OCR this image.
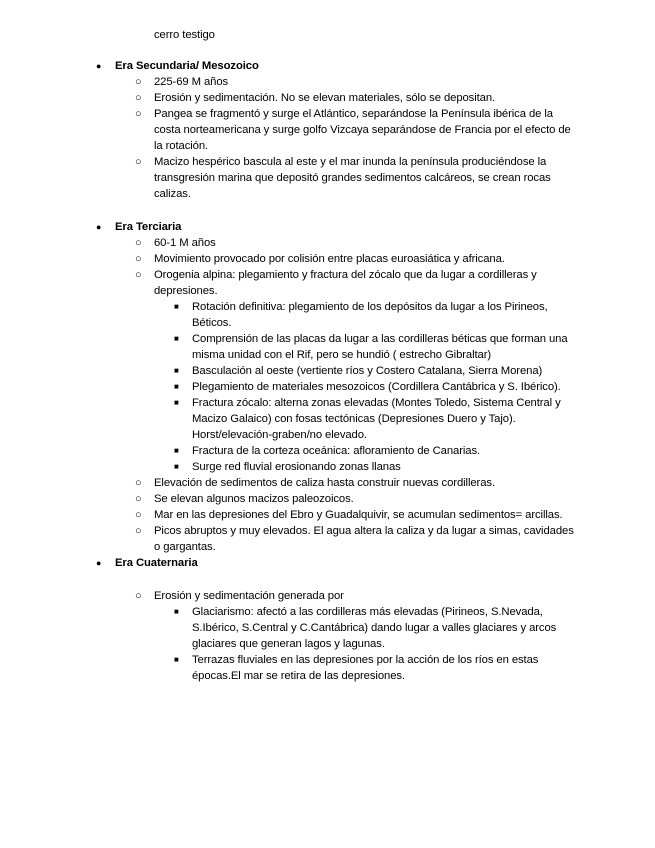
cerro testigo
● Era Secundaria/ Mesozoico
○ 225-69 M años
○ Erosión y sedimentación. No se elevan materiales, sólo se depositan.
○ Pangea se fragmentó y surge el Atlántico, separándose la Península ibérica de la
costa norteamericana y surge golfo Vizcaya separándose de Francia por el efecto de
la rotación.
○ Macizo hespérico bascula al este y el mar inunda la península produciéndose la
transgresión marina que depositó grandes sedimentos calcáreos, se crean rocas
calizas.
● Era Terciaria
○ 60-1 M años
○ Movimiento provocado por colisión entre placas euroasiática y africana.
○ Orogenia alpina: plegamiento y fractura del zócalo que da lugar a cordilleras y
depresiones.
■ Rotación definitiva: plegamiento de los depósitos da lugar a los Pirineos,
Béticos.
■ Comprensión de las placas da lugar a las cordilleras béticas que forman una
misma unidad con el Rif, pero se hundió ( estrecho Gibraltar)
■ Basculación al oeste (vertiente ríos y Costero Catalana, Sierra Morena)
■ Plegamiento de materiales mesozoicos (Cordillera Cantábrica y S. Ibérico).
■ Fractura zócalo: alterna zonas elevadas (Montes Toledo, Sistema Central y
Macizo Galaico) con fosas tectónicas (Depresiones Duero y Tajo).
Horst/elevación-graben/no elevado.
■ Fractura de la corteza oceánica: afloramiento de Canarias.
■ Surge red fluvial erosionando zonas llanas
○ Elevación de sedimentos de caliza hasta construir nuevas cordilleras.
○ Se elevan algunos macizos paleozoicos.
○ Mar en las depresiones del Ebro y Guadalquivir, se acumulan sedimentos= arcillas.
○ Picos abruptos y muy elevados. El agua altera la caliza y da lugar a simas, cavidades
o gargantas.
● Era Cuaternaria
○ Erosión y sedimentación generada por
■ Glaciarismo: afectó a las cordilleras más elevadas (Pirineos, S.Nevada,
S.Ibérico, S.Central y C.Cantábrica) dando lugar a valles glaciares y arcos
glaciares que generan lagos y lagunas.
■ Terrazas fluviales en las depresiones por la acción de los ríos en estas
épocas.El mar se retira de las depresiones.
